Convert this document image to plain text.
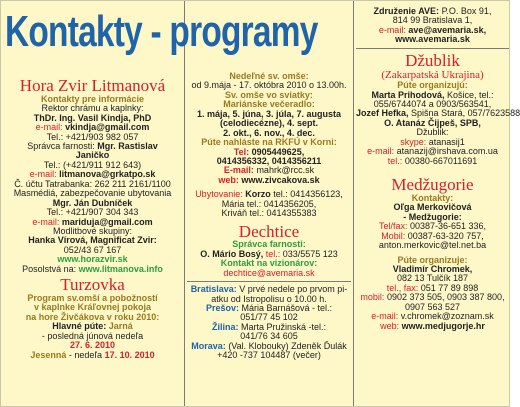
Kontakty - programy
Hora Zvir Litmanová
Kontakty pre informácie
Rektor chrámu a kaplnky:
ThDr. Ing. Vasil Kindja, PhD
e-mail: vkindja@gmail.com
Tel.: +421/903 982 057
Správca farnosti: Mgr. Rastislav
Janičko
Tel.: (+421/911 912 643)
e-mail: litmanova@grkatpo.sk
Č. účtu Tatrabanka: 262 211 2161/1100
Masmédiá, zabezpečovanie ubytovania
Mgr. Ján Dubníček
Tel.: +421/907 304 343
e-mail: mariduja@gmail.com
Modlitbové skupiny:
Hanka Vírová, Magnificat Zvir:
052/43 67 167
www.horazvir.sk
Posolstvá na: www.litmanova.info
Turzovka
Program sv.omší a pobožností
v kaplnke Kráľovnej pokoja
na hore Živčákova v roku 2010:
Hlavné púte: Jarná
- posledná júnová nedeľa
27. 6. 2010
Jesenná - nedeľa 17. 10. 2010
Nedeľné sv. omše:
od 9.mája - 17. októbra 2010 o 13.00h.
Sv. omše vo sviatky:
Mariánske večeradlo:
1. mája, 5. júna, 3. júla, 7. augusta
(celodiecézne), 4. sept.
2. okt., 6. nov., 4. dec.
Púte nahláste na RKFÚ v Korni:
Tel: 0905449625,
0414356332, 0414356211
E-mail: mahrk@rcc.sk
web: www.zivcakova.sk
Ubytovanie: Korzo tel.: 0414356123,
Mária tel.: 0414356205,
Kriváň tel.: 0414355383
Dechtice
Správca farnosti:
O. Mário Bosý, tel.: 033/5575 123
Kontakt na vizionárov:
dechtice@avemaria.sk
Bratislava: V prvé nedele po prvom pi-
atku od Istropolisu o 10.00 h.
Prešov: Mária Barnášová - tel.:
051/77 45 102
Žilina: Marta Pružinská -tel.:
041/76 34 605
Morava: (Val. Klobouky) Zdeněk Ďulák
+420 -737 104487 (večer)
Združenie AVE: P.O. Box 91,
814 99 Bratislava 1,
e-mail: ave@avemaria.sk,
www.avemaria.sk
Džublik
(Zakarpatská Ukrajina)
Púte organizujú:
Marta Prihodová, Košice, tel.:
055/6744074 a 0903/563541,
Jozef Hefka, Spišna Stará, 057/7623588
O. Atanáz Čijpeš, SPB,
Džublik:
skype: atanasij1
e-mail: atanazij@irshava.com.ua
tel.: 00380-667011691
Medžugorie
Kontakty:
Oľga Merkovičová
- Medžugorie:
Tel/fax: 00387-36-651 336,
Mobil: 00387-63-320 757,
anton.merkovic@tel.net.ba
Púte organizuje:
Vladimír Chromek,
082 13 Tulčík 187
tel., fax: 051 77 89 898
mobil: 0902 373 505, 0903 387 800,
0907 563 527
e-mail: v.chromek@zoznam.sk
web: www.medjugorje.hr
